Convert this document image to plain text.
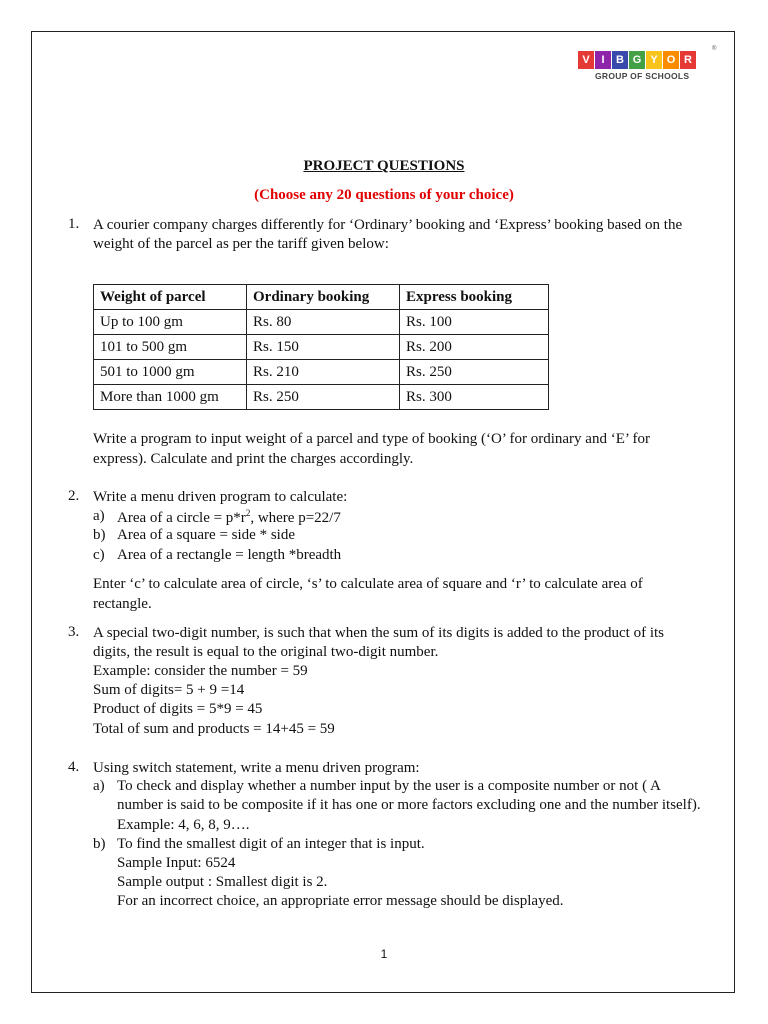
V	I	B G Y O R
®
GROUP OF SCHOOLS
PROJECT QUESTIONS
(Choose any 20 questions of your choice)
1. A courier company charges differently for ‘Ordinary’ booking and ‘Express’ booking based on the
weight of the parcel as per the tariff given below:
Weight of parcel	Ordinary booking	Express booking
Up to 100 gm	Rs. 80	Rs. 100
101 to 500 gm	Rs. 150	Rs. 200
501 to 1000 gm	Rs. 210	Rs. 250
More than 1000 gm	Rs. 250	Rs. 300
Write a program to input weight of a parcel and type of booking (‘O’ for ordinary and ‘E’ for
express). Calculate and print the charges accordingly.
2. Write a menu driven program to calculate:
a) Area of a circle = $p*r^2$, where p=22/7
b) Area of a square = side * side
c) Area of a rectangle = length *breadth
Enter ‘c’ to calculate area of circle, ‘s’ to calculate area of square and ‘r’ to calculate area of
rectangle.
3. A special two-digit number, is such that when the sum of its digits is added to the product of its
digits, the result is equal to the original two-digit number.
Example: consider the number = 59
Sum of digits= 5 + 9 =14
Product of digits = 5*9 = 45
Total of sum and products = 14+45 = 59
4. Using switch statement, write a menu driven program:
a) To check and display whether a number input by the user is a composite number or not ( A
number is said to be composite if it has one or more factors excluding one and the number itself).
Example: 4, 6, 8, 9….
b) To find the smallest digit of an integer that is input.
Sample Input: 6524
Sample output : Smallest digit is 2.
For an incorrect choice, an appropriate error message should be displayed.
1
